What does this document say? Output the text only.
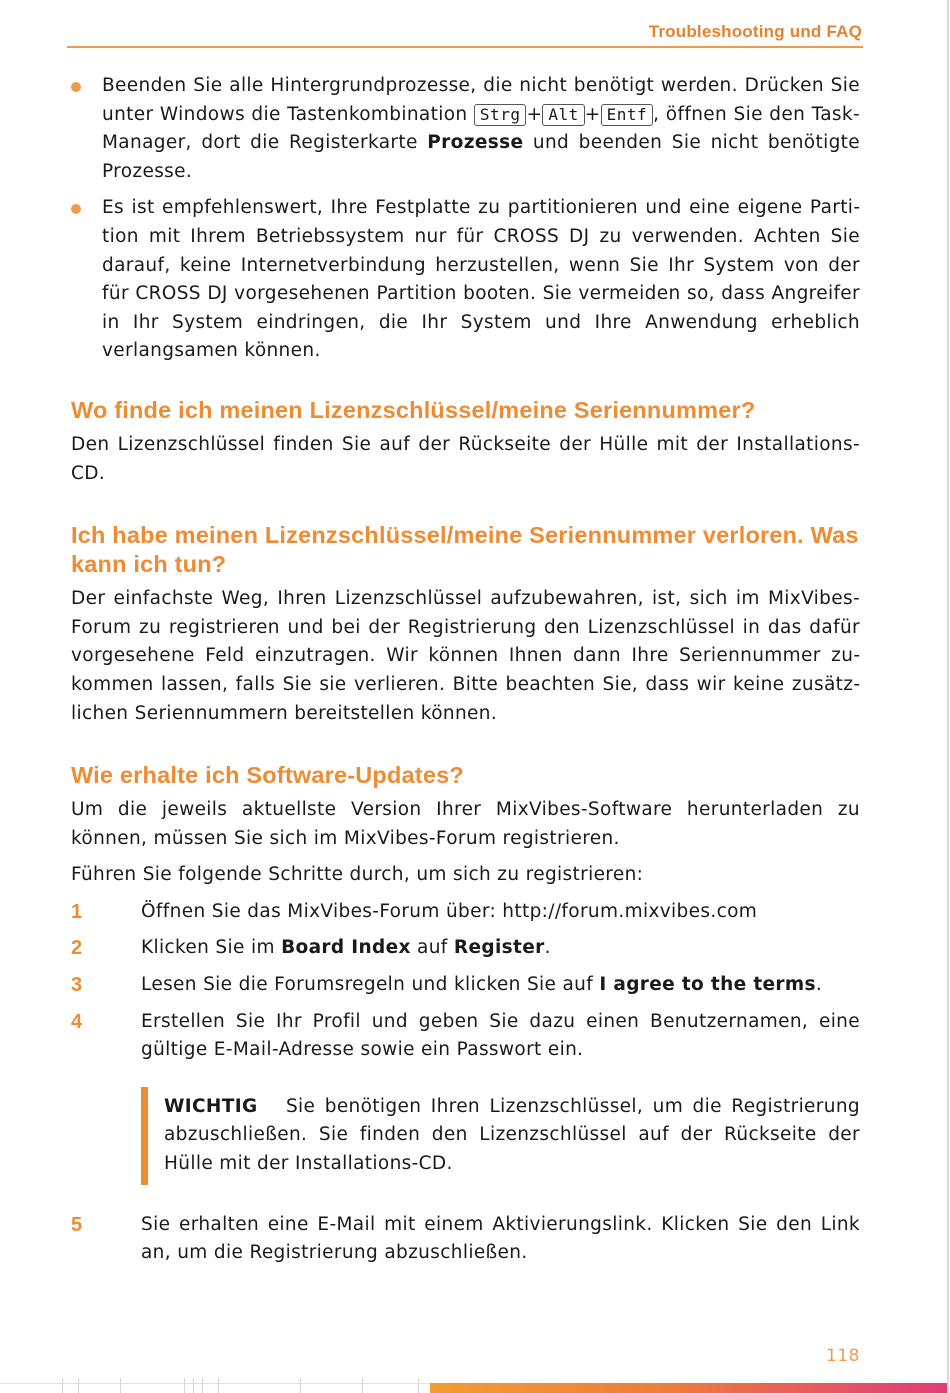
Troubleshooting und FAQ
Beenden Sie alle Hintergrundprozesse, die nicht benötigt werden. Drücken Sie unter Windows die Tastenkombination Strg + Alt + Entf , öffnen Sie den Task-Manager, dort die Registerkarte Prozesse und beenden Sie nicht benötigte Prozesse.
Es ist empfehlenswert, Ihre Festplatte zu partitionieren und eine eigene Partition mit Ihrem Betriebssystem nur für CROSS DJ zu verwenden. Achten Sie darauf, keine Internetverbindung herzustellen, wenn Sie Ihr System von der für CROSS DJ vorgesehenen Partition booten. Sie vermeiden so, dass Angreifer in Ihr System eindringen, die Ihr System und Ihre Anwendung erheblich verlangsamen können.
Wo finde ich meinen Lizenzschlüssel/meine Seriennummer?

Den Lizenzschlüssel finden Sie auf der Rückseite der Hülle mit der Installations-CD.

Ich habe meinen Lizenzschlüssel/meine Seriennummer verloren. Was kann ich tun?

Der einfachste Weg, Ihren Lizenzschlüssel aufzubewahren, ist, sich im MixVibes-Forum zu registrieren und bei der Registrierung den Lizenzschlüssel in das dafür vorgesehene Feld einzutragen. Wir können Ihnen dann Ihre Seriennummer zukommen lassen, falls Sie sie verlieren. Bitte beachten Sie, dass wir keine zusätzlichen Seriennummern bereitstellen können.

Wie erhalte ich Software-Updates?

Um die jeweils aktuellste Version Ihrer MixVibes-Software herunterladen zu können, müssen Sie sich im MixVibes-Forum registrieren.

Führen Sie folgende Schritte durch, um sich zu registrieren:

1	Öffnen Sie das MixVibes-Forum über: http://forum.mixvibes.com
2	Klicken Sie im Board Index auf Register.
3	Lesen Sie die Forumsregeln und klicken Sie auf I agree to the terms.
4	Erstellen Sie Ihr Profil und geben Sie dazu einen Benutzernamen, eine gültige E-Mail-Adresse sowie ein Passwort ein.
WICHTIG Sie benötigen Ihren Lizenzschlüssel, um die Registrierung abzuschließen. Sie finden den Lizenzschlüssel auf der Rückseite der Hülle mit der Installations-CD.
5	Sie erhalten eine E-Mail mit einem Aktivierungslink. Klicken Sie den Link an, um die Registrierung abzuschließen.
118
